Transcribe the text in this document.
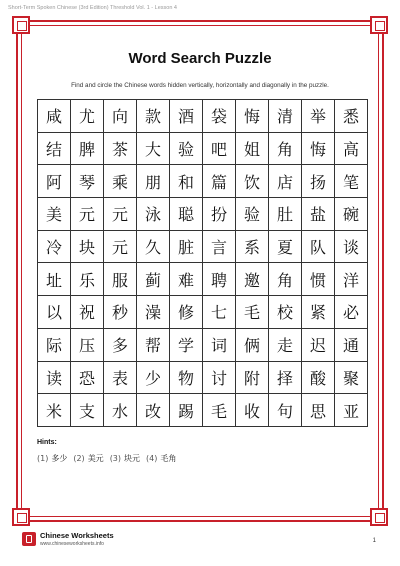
Short-Term Spoken Chinese (3rd Edition) Threshold Vol. 1 - Lesson 4
Word Search Puzzle
Find and circle the Chinese words hidden vertically, horizontally and diagonally in the puzzle.
咸	尤	向	款	酒	袋	悔	清	举	悉
结	脾	茶	大	验	吧	姐	角	悔	高
阿	琴	乘	朋	和	篇	饮	店	扬	笔
美	元	元	泳	聪	扮	验	肚	盐	碗
冷	块	元	久	脏	言	系	夏	队	谈
址	乐	服	蓟	难	聘	邀	角	惯	洋
以	祝	秒	澡	修	七	毛	校	紧	必
际	压	多	帮	学	词	俩	走	迟	通
读	恐	表	少	物	讨	附	择	酸	聚
米	支	水	改	踢	毛	收	句	思	亚
Hints:
(1) 多少 (2) 美元 (3) 块元 (4) 毛角
Chinese Worksheets
www.chineseworksheets.info	1
